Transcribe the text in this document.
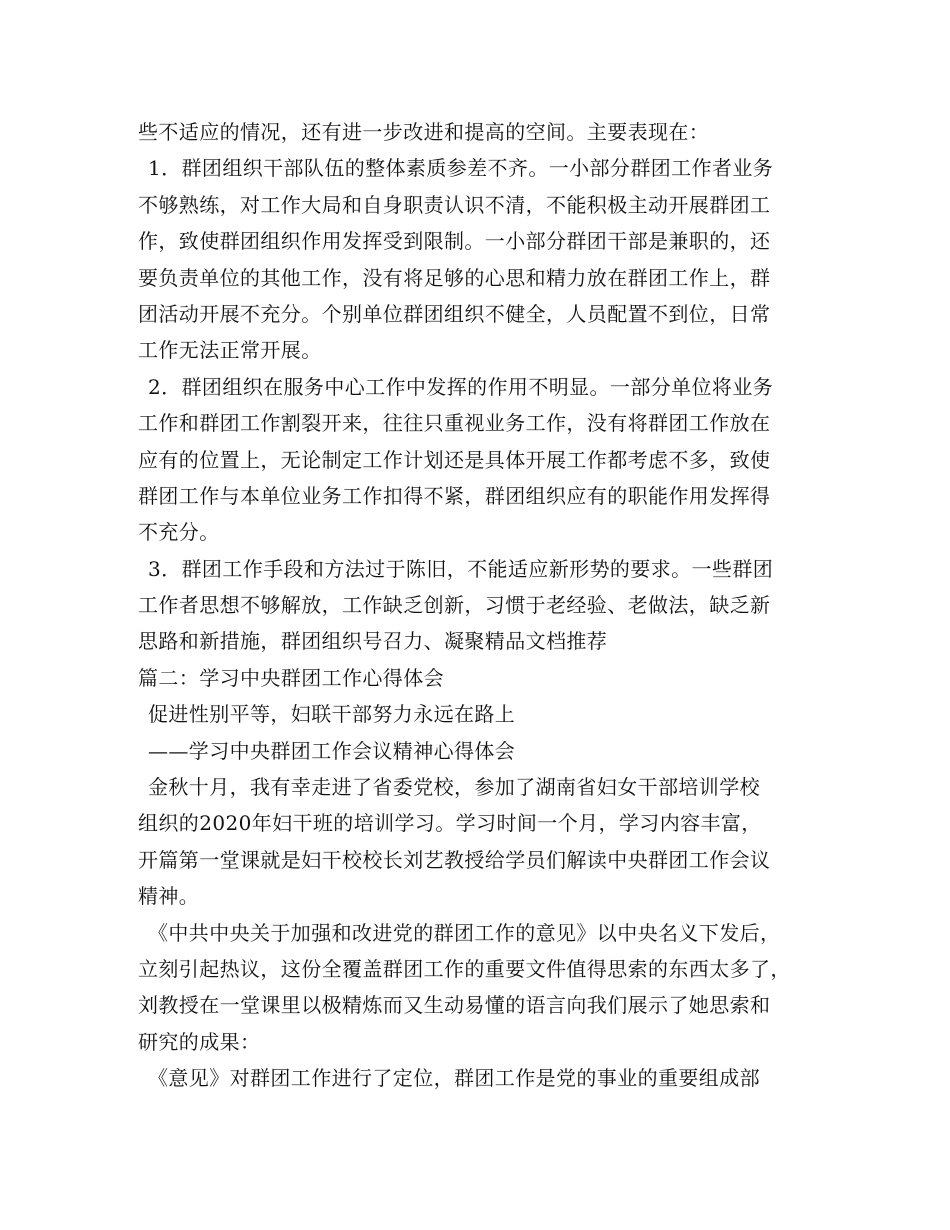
些不适应的情况，还有进一步改进和提高的空间。主要表现在：
1．群团组织干部队伍的整体素质参差不齐。一小部分群团工作者业务
不够熟练，对工作大局和自身职责认识不清，不能积极主动开展群团工
作，致使群团组织作用发挥受到限制。一小部分群团干部是兼职的，还
要负责单位的其他工作，没有将足够的心思和精力放在群团工作上，群
团活动开展不充分。个别单位群团组织不健全，人员配置不到位，日常
工作无法正常开展。
2．群团组织在服务中心工作中发挥的作用不明显。一部分单位将业务
工作和群团工作割裂开来，往往只重视业务工作，没有将群团工作放在
应有的位置上，无论制定工作计划还是具体开展工作都考虑不多，致使
群团工作与本单位业务工作扣得不紧，群团组织应有的职能作用发挥得
不充分。
3．群团工作手段和方法过于陈旧，不能适应新形势的要求。一些群团
工作者思想不够解放，工作缺乏创新，习惯于老经验、老做法，缺乏新
思路和新措施，群团组织号召力、凝聚精品文档推荐
篇二：学习中央群团工作心得体会
促进性别平等，妇联干部努力永远在路上
——学习中央群团工作会议精神心得体会
金秋十月，我有幸走进了省委党校，参加了湖南省妇女干部培训学校
组织的2020年妇干班的培训学习。学习时间一个月，学习内容丰富，
开篇第一堂课就是妇干校校长刘艺教授给学员们解读中央群团工作会议
精神。
《中共中央关于加强和改进党的群团工作的意见》以中央名义下发后，
立刻引起热议，这份全覆盖群团工作的重要文件值得思索的东西太多了，
刘教授在一堂课里以极精炼而又生动易懂的语言向我们展示了她思索和
研究的成果：
《意见》对群团工作进行了定位，群团工作是党的事业的重要组成部
